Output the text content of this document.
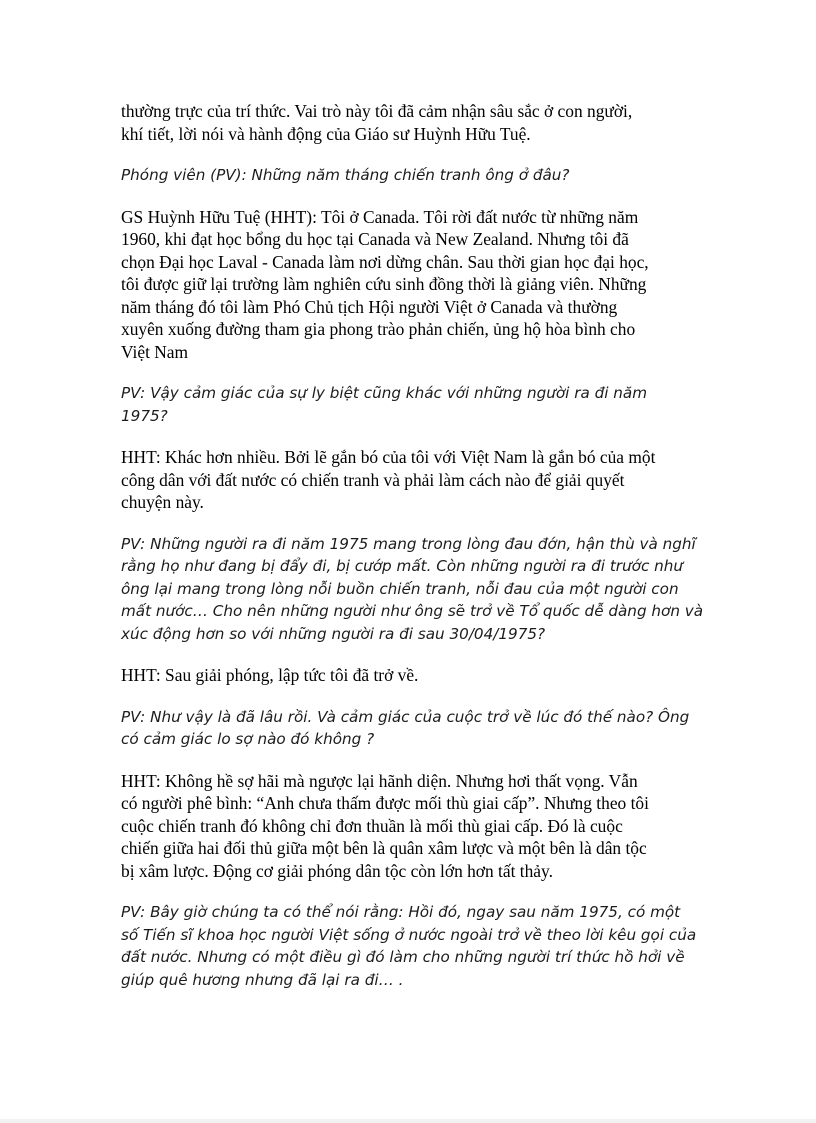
thường trực của trí thức. Vai trò này tôi đã cảm nhận sâu sắc ở con người,
khí tiết, lời nói và hành động của Giáo sư Huỳnh Hữu Tuệ.

Phóng viên (PV): Những năm tháng chiến tranh ông ở đâu?

GS Huỳnh Hữu Tuệ (HHT): Tôi ở Canada. Tôi rời đất nước từ những năm
1960, khi đạt học bổng du học tại Canada và New Zealand. Nhưng tôi đã
chọn Đại học Laval - Canada làm nơi dừng chân. Sau thời gian học đại học,
tôi được giữ lại trường làm nghiên cứu sinh đồng thời là giảng viên. Những
năm tháng đó tôi làm Phó Chủ tịch Hội người Việt ở Canada và thường
xuyên xuống đường tham gia phong trào phản chiến, ủng hộ hòa bình cho
Việt Nam

PV: Vậy cảm giác của sự ly biệt cũng khác với những người ra đi năm
1975?

HHT: Khác hơn nhiều. Bởi lẽ gắn bó của tôi với Việt Nam là gắn bó của một
công dân với đất nước có chiến tranh và phải làm cách nào để giải quyết
chuyện này.

PV: Những người ra đi năm 1975 mang trong lòng đau đớn, hận thù và nghĩ
rằng họ như đang bị đẩy đi, bị cướp mất. Còn những người ra đi trước như
ông lại mang trong lòng nỗi buồn chiến tranh, nỗi đau của một người con
mất nước… Cho nên những người như ông sẽ trở về Tổ quốc dễ dàng hơn và
xúc động hơn so với những người ra đi sau 30/04/1975?

HHT: Sau giải phóng, lập tức tôi đã trở về.

PV: Như vậy là đã lâu rồi. Và cảm giác của cuộc trở về lúc đó thế nào? Ông
có cảm giác lo sợ nào đó không ?

HHT: Không hề sợ hãi mà ngược lại hãnh diện. Nhưng hơi thất vọng. Vẫn
có người phê bình: “Anh chưa thấm được mối thù giai cấp”. Nhưng theo tôi
cuộc chiến tranh đó không chỉ đơn thuần là mối thù giai cấp. Đó là cuộc
chiến giữa hai đối thủ giữa một bên là quân xâm lược và một bên là dân tộc
bị xâm lược. Động cơ giải phóng dân tộc còn lớn hơn tất thảy.

PV: Bây giờ chúng ta có thể nói rằng: Hồi đó, ngay sau năm 1975, có một
số Tiến sĩ khoa học người Việt sống ở nước ngoài trở về theo lời kêu gọi của
đất nước. Nhưng có một điều gì đó làm cho những người trí thức hồ hởi về
giúp quê hương nhưng đã lại ra đi… .
